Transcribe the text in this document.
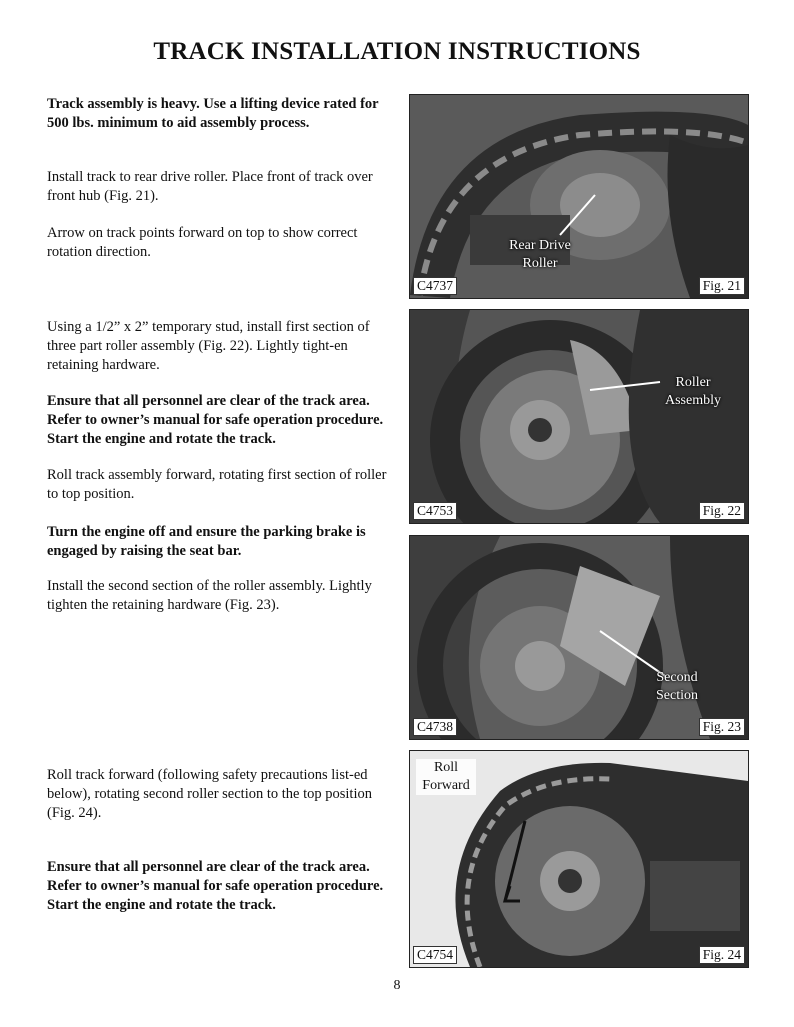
TRACK INSTALLATION INSTRUCTIONS

Track assembly is heavy. Use a lifting device rated for 500 lbs. minimum to aid assembly process.

Install track to rear drive roller. Place front of track over front hub (Fig. 21).

Arrow on track points forward on top to show correct rotation direction.

Using a 1/2” x 2” temporary stud, install first section of three part roller assembly (Fig. 22). Lightly tight-en retaining hardware.

Ensure that all personnel are clear of the track area. Refer to owner’s manual for safe operation procedure. Start the engine and rotate the track.

Roll track assembly forward, rotating first section of roller to top position.

Turn the engine off and ensure the parking brake is engaged by raising the seat bar.

Install the second section of the roller assembly. Lightly tighten the retaining hardware (Fig. 23).

Roll track forward (following safety precautions list-ed below), rotating second roller section to the top position (Fig. 24).

Ensure that all personnel are clear of the track area. Refer to owner’s manual for safe operation procedure. Start the engine and rotate the track.

Rear Drive Roller
C4737	Fig. 21
Roller Assembly
C4753	Fig. 22
Second Section
C4738	Fig. 23
Roll Forward
C4754	Fig. 24
8
